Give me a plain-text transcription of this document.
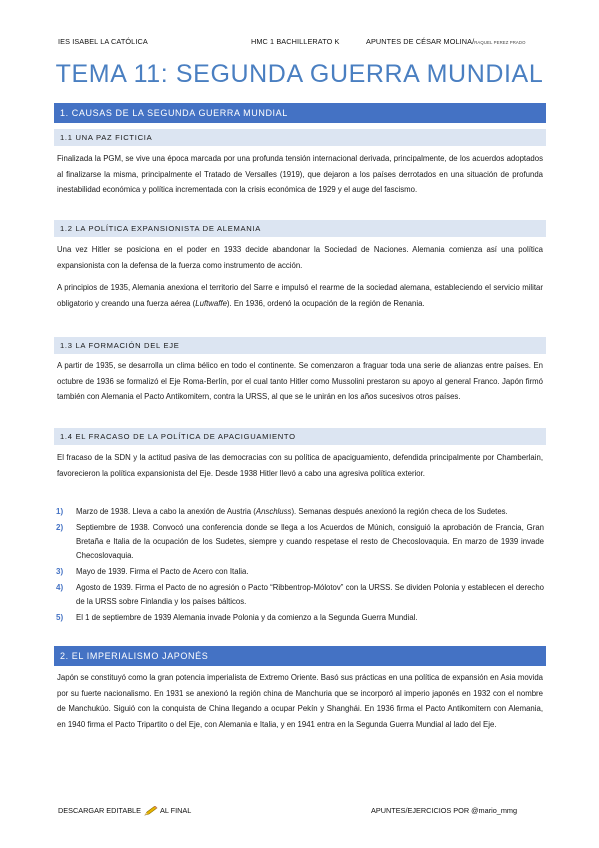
IES ISABEL LA CATÓLICA	HMC 1 BACHILLERATO K	APUNTES DE CÉSAR MOLINA/RAQUEL PEREZ PRADO
TEMA 11: SEGUNDA GUERRA MUNDIAL
1. CAUSAS DE LA SEGUNDA GUERRA MUNDIAL
1.1 UNA PAZ FICTICIA

Finalizada la PGM, se vive una época marcada por una profunda tensión internacional derivada, principalmente, de los acuerdos adoptados al finalizarse la misma, principalmente el Tratado de Versalles (1919), que dejaron a los países derrotados en una situación de profunda inestabilidad económica y política incrementada con la crisis económica de 1929 y el auge del fascismo.

1.2 LA POLÍTICA EXPANSIONISTA DE ALEMANIA

Una vez Hitler se posiciona en el poder en 1933 decide abandonar la Sociedad de Naciones. Alemania comienza así una política expansionista con la defensa de la fuerza como instrumento de acción.

A principios de 1935, Alemania anexiona el territorio del Sarre e impulsó el rearme de la sociedad alemana, estableciendo el servicio militar obligatorio y creando una fuerza aérea (Luftwaffe). En 1936, ordenó la ocupación de la región de Renania.

1.3 LA FORMACIÓN DEL EJE

A partir de 1935, se desarrolla un clima bélico en todo el continente. Se comenzaron a fraguar toda una serie de alianzas entre países. En octubre de 1936 se formalizó el Eje Roma-Berlín, por el cual tanto Hitler como Mussolini prestaron su apoyo al general Franco. Japón firmó también con Alemania el Pacto Antikomitern, contra la URSS, al que se le unirán en los años sucesivos otros países.

1.4 EL FRACASO DE LA POLÍTICA DE APACIGUAMIENTO

El fracaso de la SDN y la actitud pasiva de las democracias con su política de apaciguamiento, defendida principalmente por Chamberlain, favorecieron la política expansionista del Eje. Desde 1938 Hitler llevó a cabo una agresiva política exterior.

1) Marzo de 1938. Lleva a cabo la anexión de Austria (Anschluss). Semanas después anexionó la región checa de los Sudetes.
2) Septiembre de 1938. Convocó una conferencia donde se llega a los Acuerdos de Múnich, consiguió la aprobación de Francia, Gran Bretaña e Italia de la ocupación de los Sudetes, siempre y cuando respetase el resto de Checoslovaquia. En marzo de 1939 invade Checoslovaquia.
3) Mayo de 1939. Firma el Pacto de Acero con Italia.
4) Agosto de 1939. Firma el Pacto de no agresión o Pacto “Ribbentrop-Mólotov” con la URSS. Se dividen Polonia y establecen el derecho de la URSS sobre Finlandia y los países bálticos.
5) El 1 de septiembre de 1939 Alemania invade Polonia y da comienzo a la Segunda Guerra Mundial.
2. EL IMPERIALISMO JAPONÉS

Japón se constituyó como la gran potencia imperialista de Extremo Oriente. Basó sus prácticas en una política de expansión en Asia movida por su fuerte nacionalismo. En 1931 se anexionó la región china de Manchuria que se incorporó al imperio japonés en 1932 con el nombre de Manchukúo. Siguió con la conquista de China llegando a ocupar Pekín y Shanghái. En 1936 firma el Pacto Antikomitern con Alemania, en 1940 firma el Pacto Tripartito o del Eje, con Alemania e Italia, y en 1941 entra en la Segunda Guerra Mundial al lado del Eje.

DESCARGAR EDITABLE	AL FINAL	APUNTES/EJERCICIOS POR @mario_mmg
